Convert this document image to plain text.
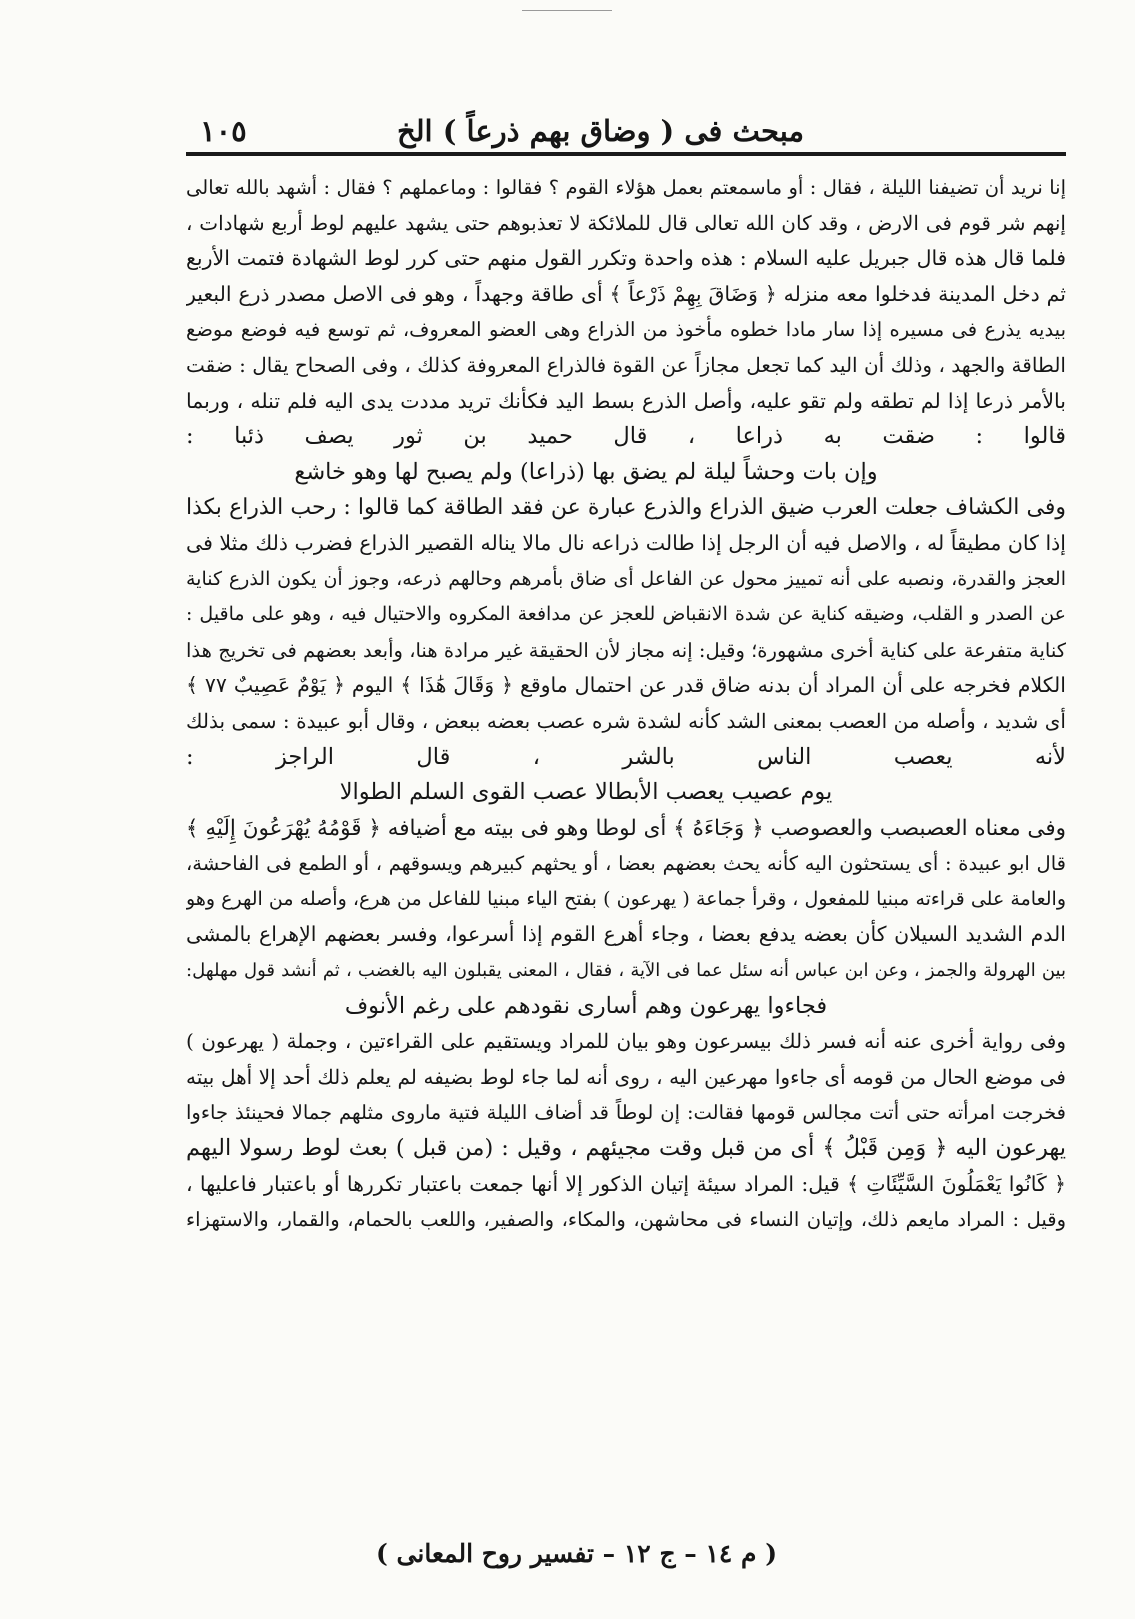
مبحث فى ( وضاق بهم ذرعاً ) الخ
١٠٥
إنا نريد أن تضيفنا الليلة ، فقال : أو ماسمعتم بعمل هؤلاء القوم ؟ فقالوا : وماعملهم ؟ فقال : أشهد بالله تعالى
إنهم شر قوم فى الارض ، وقد كان الله تعالى قال للملائكة لا تعذبوهم حتى يشهد عليهم لوط أربع شهادات ،
فلما قال هذه قال جبريل عليه السلام : هذه واحدة وتكرر القول منهم حتى كرر لوط الشهادة فتمت الأربع
ثم دخل المدينة فدخلوا معه منزله ﴿ وَضَاقَ بِهِمْ ذَرْعاً ﴾ أى طاقة وجهداً ، وهو فى الاصل مصدر ذرع البعير
بيديه يذرع فى مسيره إذا سار مادا خطوه مأخوذ من الذراع وهى العضو المعروف، ثم توسع فيه فوضع موضع
الطاقة والجهد ، وذلك أن اليد كما تجعل مجازاً عن القوة فالذراع المعروفة كذلك ، وفى الصحاح يقال : ضقت
بالأمر ذرعا إذا لم تطقه ولم تقو عليه، وأصل الذرع بسط اليد فكأنك تريد مددت يدى اليه فلم تنله ، وربما
قالوا : ضقت به ذراعا ، قال حميد بن ثور يصف ذئبا :
وإن بات وحشاً ليلة لم يضق بها (ذراعا) ولم يصبح لها وهو خاشع
وفى الكشاف جعلت العرب ضيق الذراع والذرع عبارة عن فقد الطاقة كما قالوا : رحب الذراع بكذا
إذا كان مطيقاً له ، والاصل فيه أن الرجل إذا طالت ذراعه نال مالا يناله القصير الذراع فضرب ذلك مثلا فى
العجز والقدرة، ونصبه على أنه تمييز محول عن الفاعل أى ضاق بأمرهم وحالهم ذرعه، وجوز أن يكون الذرع كناية
عن الصدر و القلب، وضيقه كناية عن شدة الانقباض للعجز عن مدافعة المكروه والاحتيال فيه ، وهو على ماقيل :
كناية متفرعة على كناية أخرى مشهورة؛ وقيل: إنه مجاز لأن الحقيقة غير مرادة هنا، وأبعد بعضهم فى تخريج هذا
الكلام فخرجه على أن المراد أن بدنه ضاق قدر عن احتمال ماوقع ﴿ وَقَالَ هَٰذَا ﴾ اليوم ﴿ يَوْمٌ عَصِيبٌ ٧٧ ﴾
أى شديد ، وأصله من العصب بمعنى الشد كأنه لشدة شره عصب بعضه ببعض ، وقال أبو عبيدة : سمى بذلك
لأنه يعصب الناس بالشر ، قال الراجز :
يوم عصيب يعصب الأبطالا عصب القوى السلم الطوالا
وفى معناه العصبصب والعصوصب ﴿ وَجَاءَهُ ﴾ أى لوطا وهو فى بيته مع أضيافه ﴿ قَوْمُهُ يُهْرَعُونَ إِلَيْهِ ﴾
قال ابو عبيدة : أى يستحثون اليه كأنه يحث بعضهم بعضا ، أو يحثهم كبيرهم ويسوقهم ، أو الطمع فى الفاحشة،
والعامة على قراءته مبنيا للمفعول ، وقرأ جماعة ( يهرعون ) بفتح الياء مبنيا للفاعل من هرع، وأصله من الهرع وهو
الدم الشديد السيلان كأن بعضه يدفع بعضا ، وجاء أهرع القوم إذا أسرعوا، وفسر بعضهم الإهراع بالمشى
بين الهرولة والجمز ، وعن ابن عباس أنه سئل عما فى الآية ، فقال ، المعنى يقبلون اليه بالغضب ، ثم أنشد قول مهلهل:
فجاءوا يهرعون وهم أسارى نقودهم على رغم الأنوف
وفى رواية أخرى عنه أنه فسر ذلك بيسرعون وهو بيان للمراد ويستقيم على القراءتين ، وجملة ( يهرعون )
فى موضع الحال من قومه أى جاءوا مهرعين اليه ، روى أنه لما جاء لوط بضيفه لم يعلم ذلك أحد إلا أهل بيته
فخرجت امرأته حتى أتت مجالس قومها فقالت: إن لوطاً قد أضاف الليلة فتية ماروى مثلهم جمالا فحينئذ جاءوا
يهرعون اليه ﴿ وَمِن قَبْلُ ﴾ أى من قبل وقت مجيئهم ، وقيل : (من قبل ) بعث لوط رسولا اليهم
﴿ كَانُوا يَعْمَلُونَ السَّيِّئَاتِ ﴾ قيل: المراد سيئة إتيان الذكور إلا أنها جمعت باعتبار تكررها أو باعتبار فاعليها ،
وقيل : المراد مايعم ذلك، وإتيان النساء فى محاشهن، والمكاء، والصفير، واللعب بالحمام، والقمار، والاستهزاء
( م ١٤ – ج ١٢ – تفسير روح المعانى )
